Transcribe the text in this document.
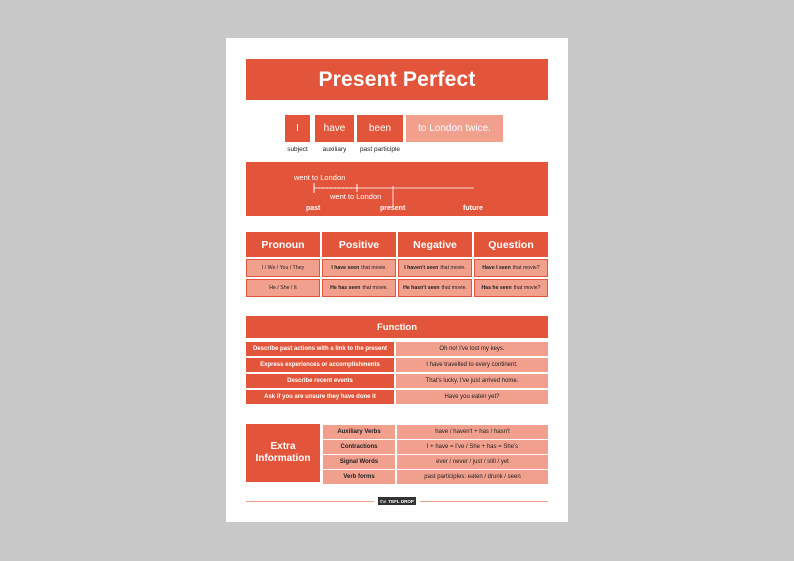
Present Perfect
I	have	been	to London twice.
subject	auxiliary	past participle
went to London
went to London
past	present	future
Pronoun	Positive	Negative	Question
I / We / You / They	I have seen that movie.	I haven't seen that movie.	Have I seen that movie?
He / She / It	He has seen that movie.	He hasn't seen that movie.	Has he seen that movie?
Function
Describe past actions with a link to the present	Oh no! I've lost my keys.
Express experiences or accomplishments	I have travelled to every continent.
Describe recent events	That's lucky. I've just arrived home.
Ask if you are unsure they have done it	Have you eaten yet?
Extra
Information
Auxiliary Verbs	have / haven't + has / hasn't
Contractions	I + have = I've / She + has = She's
Signal Words	ever / never / just / still / yet
Verb forms	past participles: eaten / drunk / seen
the TEFL DROP
